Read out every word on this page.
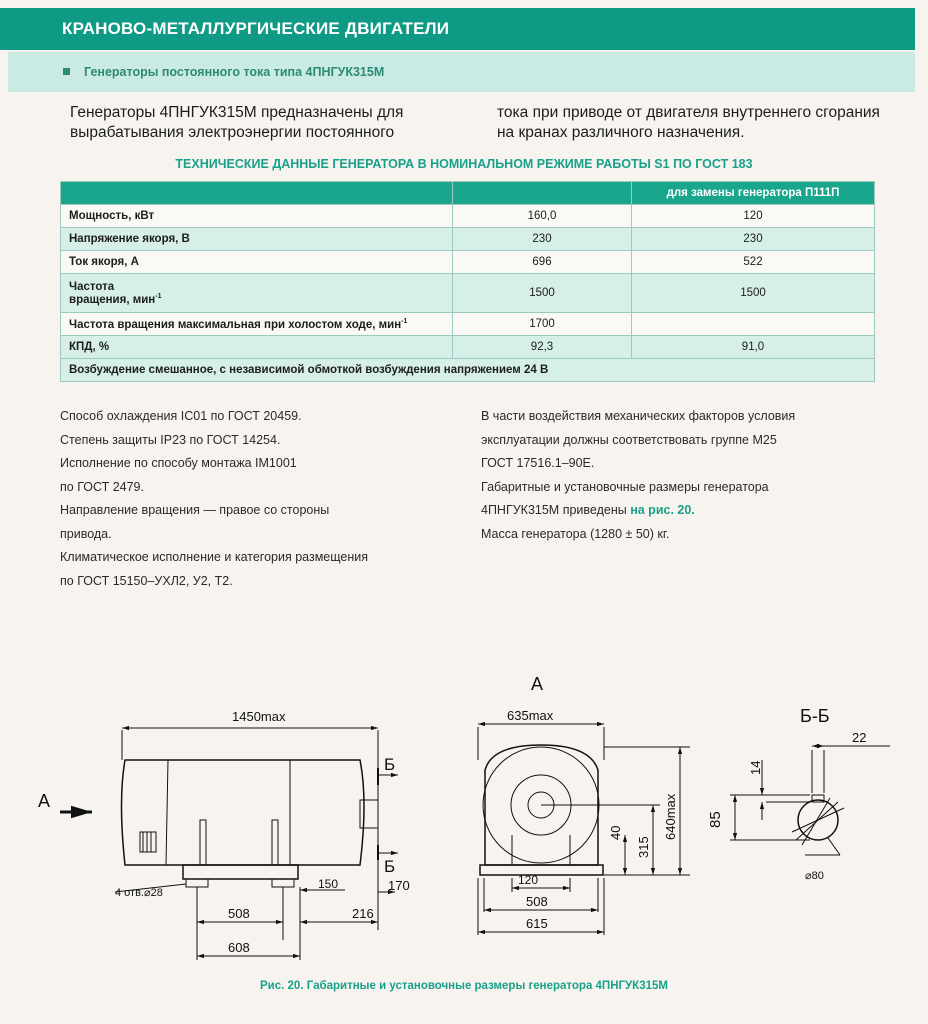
КРАНОВО-МЕТАЛЛУРГИЧЕСКИЕ ДВИГАТЕЛИ
Генераторы постоянного тока типа 4ПНГУК315М
Генераторы 4ПНГУК315М предназначены для вырабатывания электроэнергии постоянного
тока при приводе от двигателя внутреннего сгорания на кранах различного назначения.
ТЕХНИЧЕСКИЕ ДАННЫЕ ГЕНЕРАТОРА В НОМИНАЛЬНОМ РЕЖИМЕ РАБОТЫ S1 ПО ГОСТ 183
		для замены генератора П111П
Мощность, кВт	160,0	120
Напряжение якоря, В	230	230
Ток якоря, А	696	522
Частота
вращения, мин$^{-1}$	1500	1500
Частота вращения максимальная при холостом ходе, мин$^{-1}$	1700	
КПД, %	92,3	91,0
Возбуждение смешанное, с независимой обмоткой возбуждения напряжением 24 В		

Способ охлаждения IC01 по ГОСТ 20459.

Степень защиты IP23 по ГОСТ 14254.

Исполнение по способу монтажа IM1001

по ГОСТ 2479.

Направление вращения — правое со стороны

привода.

Климатическое исполнение и категория размещения

по ГОСТ 15150–УХЛ2, У2, Т2.

В части воздействия механических факторов условия

эксплуатации должны соответствовать группе М25

ГОСТ 17516.1–90Е.

Габаритные и установочные размеры генератора

4ПНГУК315М приведены на рис. 20.

Масса генератора (1280 ± 50) кг.

1450max
А
Б
Б
4 отв.⌀28
150	170
216
508
608
А
635max
640max
40
315
120
508
615
Б-Б
22
14
85
⌀80
Рис. 20. Габаритные и установочные размеры генератора 4ПНГУК315М
